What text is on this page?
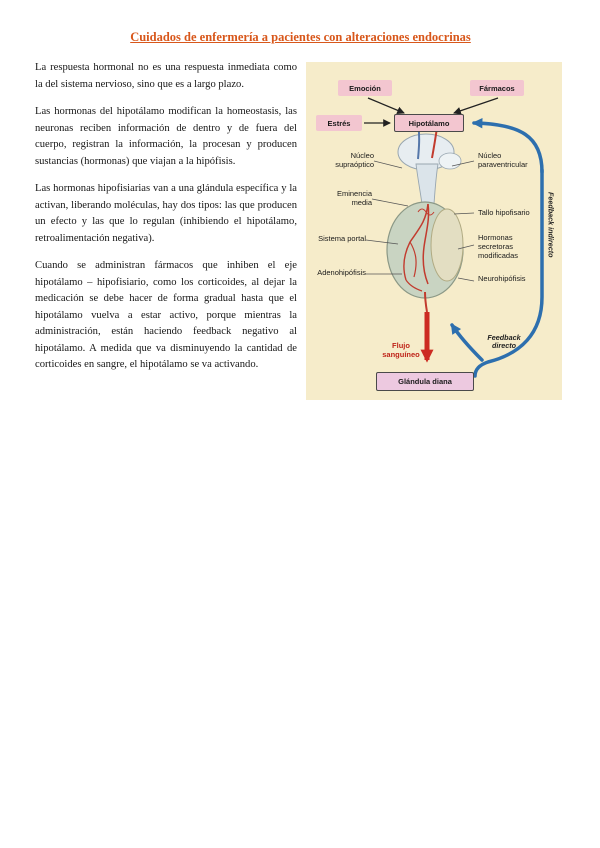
Cuidados de enfermería a pacientes con alteraciones endocrinas

La respuesta hormonal no es una respuesta inmediata como la del sistema nervioso, sino que es a largo plazo.

Las hormonas del hipotálamo modifican la homeostasis, las neuronas reciben información de dentro y de fuera del cuerpo, registran la información, la procesan y producen sustancias (hormonas) que viajan a la hipófisis.

Las hormonas hipofisiarias van a una glándula específica y la activan, liberando moléculas, hay dos tipos: las que producen un efecto y las que lo regulan (inhibiendo el hipotálamo, retroalimentación negativa).

Cuando se administran fármacos que inhiben el eje hipotálamo – hipofisiario, como los corticoides, al dejar la medicación se debe hacer de forma gradual hasta que el hipotálamo vuelva a estar activo, porque mientras la administración, están haciendo feedback negativo al hipotálamo. A medida que va disminuyendo la cantidad de corticoides en sangre, el hipotálamo se va activando.

Emoción	Fármacos
Estrés	Hipotálamo
Glándula diana
Núcleo supraóptico
Núcleo paraventricular
Eminencia media
Tallo hipofisario
Sistema portal	Hormonas secretoras modificadas
Adenohipófisis
Neurohipófisis
Feedback indirecto
Feedback directo
Flujo sanguíneo
